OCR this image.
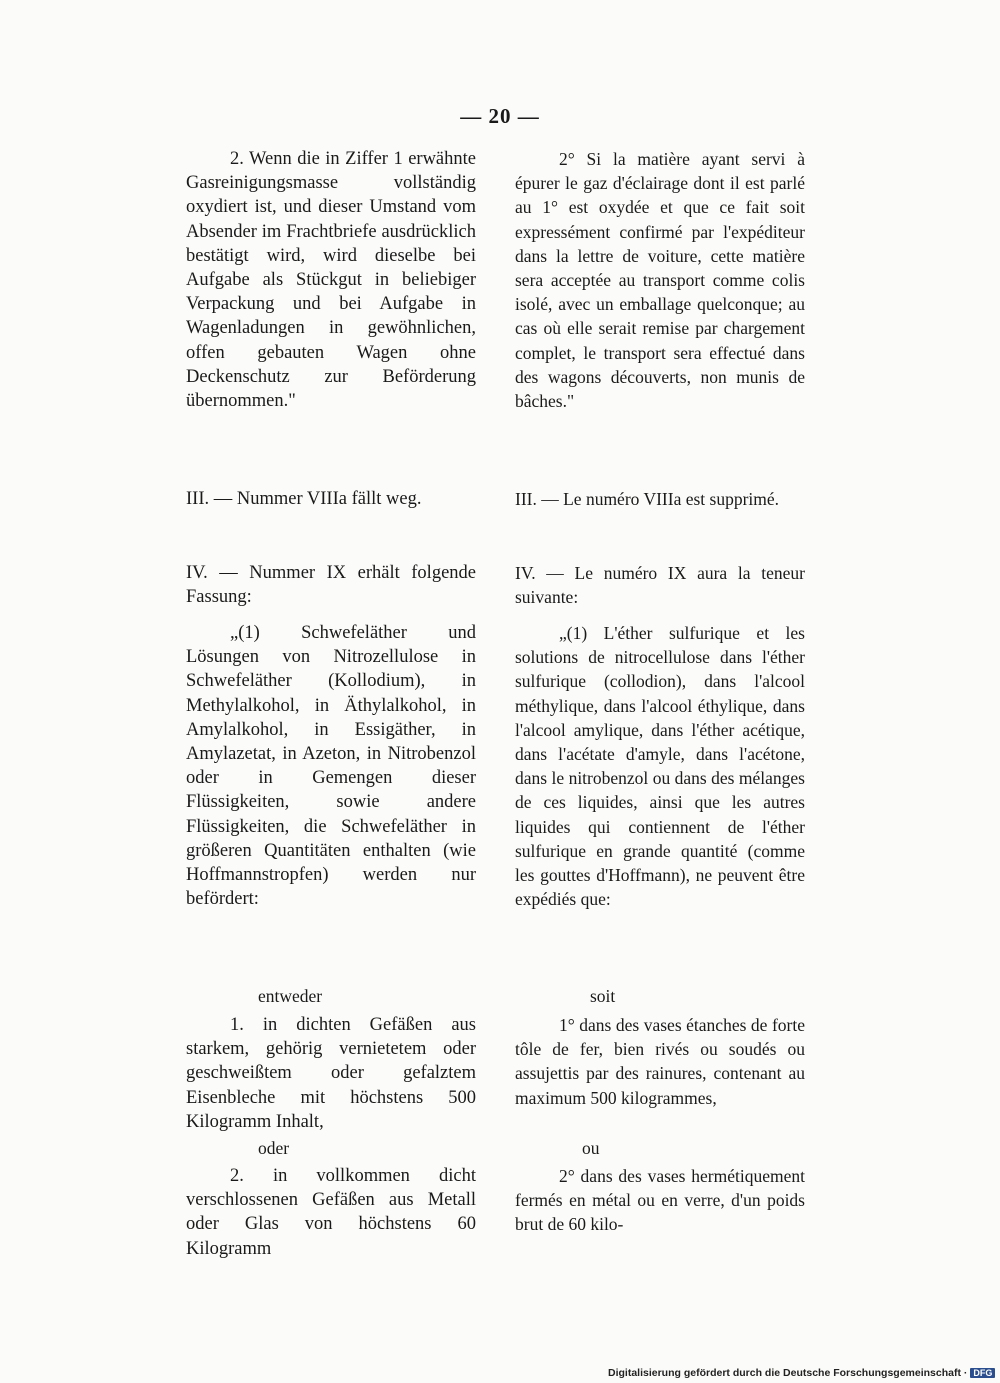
— 20 —

2. Wenn die in Ziffer 1 erwähnte Gasreinigungsmasse vollständig oxydiert ist, und dieser Umstand vom Absender im Frachtbriefe ausdrücklich bestätigt wird, wird dieselbe bei Aufgabe als Stückgut in beliebiger Verpackung und bei Aufgabe in Wagenladungen in gewöhnlichen, offen gebauten Wagen ohne Deckenschutz zur Beförderung übernommen."

III. — Nummer VIIIa fällt weg.

IV. — Nummer IX erhält folgende Fassung:

„(1) Schwefeläther und Lösungen von Nitrozellulose in Schwefeläther (Kollodium), in Methylalkohol, in Äthylalkohol, in Amylalkohol, in Essigäther, in Amylazetat, in Azeton, in Nitrobenzol oder in Gemengen dieser Flüssigkeiten, sowie andere Flüssigkeiten, die Schwefeläther in größeren Quantitäten enthalten (wie Hoffmannstropfen) werden nur befördert:

entweder

1. in dichten Gefäßen aus starkem, gehörig vernietetem oder geschweißtem oder gefalztem Eisenbleche mit höchstens 500 Kilogramm Inhalt,

oder

2. in vollkommen dicht verschlossenen Gefäßen aus Metall oder Glas von höchstens 60 Kilogramm

2° Si la matière ayant servi à épurer le gaz d'éclairage dont il est parlé au 1° est oxydée et que ce fait soit expressément confirmé par l'expéditeur dans la lettre de voiture, cette matière sera acceptée au transport comme colis isolé, avec un emballage quelconque; au cas où elle serait remise par chargement complet, le transport sera effectué dans des wagons découverts, non munis de bâches."

III. — Le numéro VIIIa est supprimé.

IV. — Le numéro IX aura la teneur suivante:

„(1) L'éther sulfurique et les solutions de nitrocellulose dans l'éther sulfurique (collodion), dans l'alcool méthylique, dans l'alcool éthylique, dans l'alcool amylique, dans l'éther acétique, dans l'acétate d'amyle, dans l'acétone, dans le nitrobenzol ou dans des mélanges de ces liquides, ainsi que les autres liquides qui contiennent de l'éther sulfurique en grande quantité (comme les gouttes d'Hoffmann), ne peuvent être expédiés que:

soit

1° dans des vases étanches de forte tôle de fer, bien rivés ou soudés ou assujettis par des rainures, contenant au maximum 500 kilogrammes,

ou

2° dans des vases hermétiquement fermés en métal ou en verre, d'un poids brut de 60 kilo-

Digitalisierung gefördert durch die Deutsche Forschungsgemeinschaft · DFG
